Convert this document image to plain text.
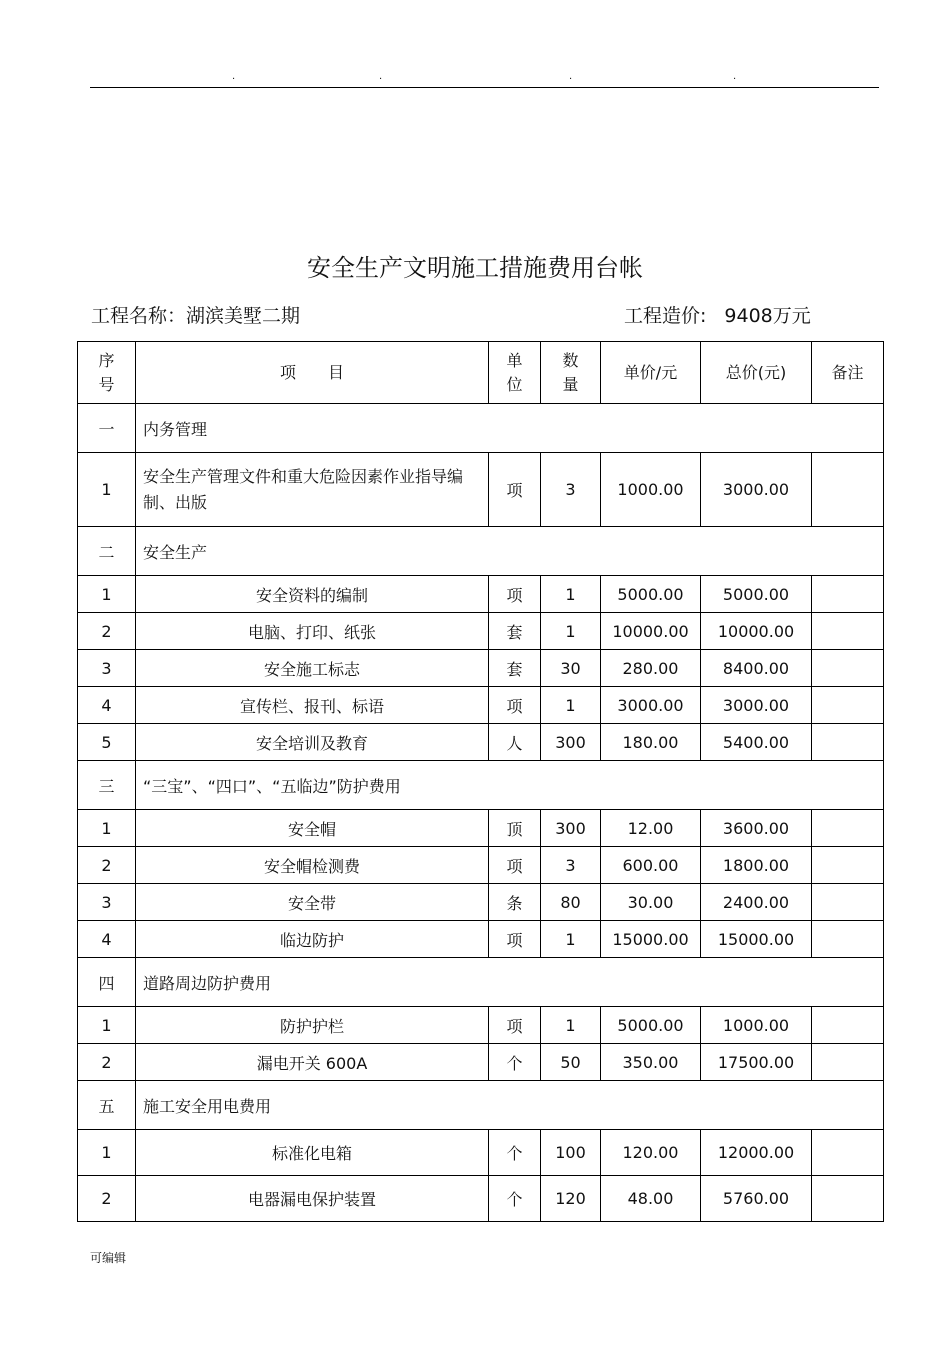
.	.	.	.
安全生产文明施工措施费用台帐
工程名称：湖滨美墅二期	工程造价: 9408万元
序号	项　　目	单位	数量	单价/元	总价(元)	备注
一	内务管理					
1	安全生产管理文件和重大危险因素作业指导编制、出版	项	3	1000.00	3000.00	
二	安全生产					
1	安全资料的编制	项	1	5000.00	5000.00	
2	电脑、打印、纸张	套	1	10000.00	10000.00	
3	安全施工标志	套	30	280.00	8400.00	
4	宣传栏、报刊、标语	项	1	3000.00	3000.00	
5	安全培训及教育	人	300	180.00	5400.00	
三	“三宝”、“四口”、“五临边”防护费用					
1	安全帽	顶	300	12.00	3600.00	
2	安全帽检测费	项	3	600.00	1800.00	
3	安全带	条	80	30.00	2400.00	
4	临边防护	项	1	15000.00	15000.00	
四	道路周边防护费用					
1	防护护栏	项	1	5000.00	1000.00	
2	漏电开关 600A	个	50	350.00	17500.00	
五	施工安全用电费用					
1	标准化电箱	个	100	120.00	12000.00	
2	电器漏电保护装置	个	120	48.00	5760.00	
可编辑
